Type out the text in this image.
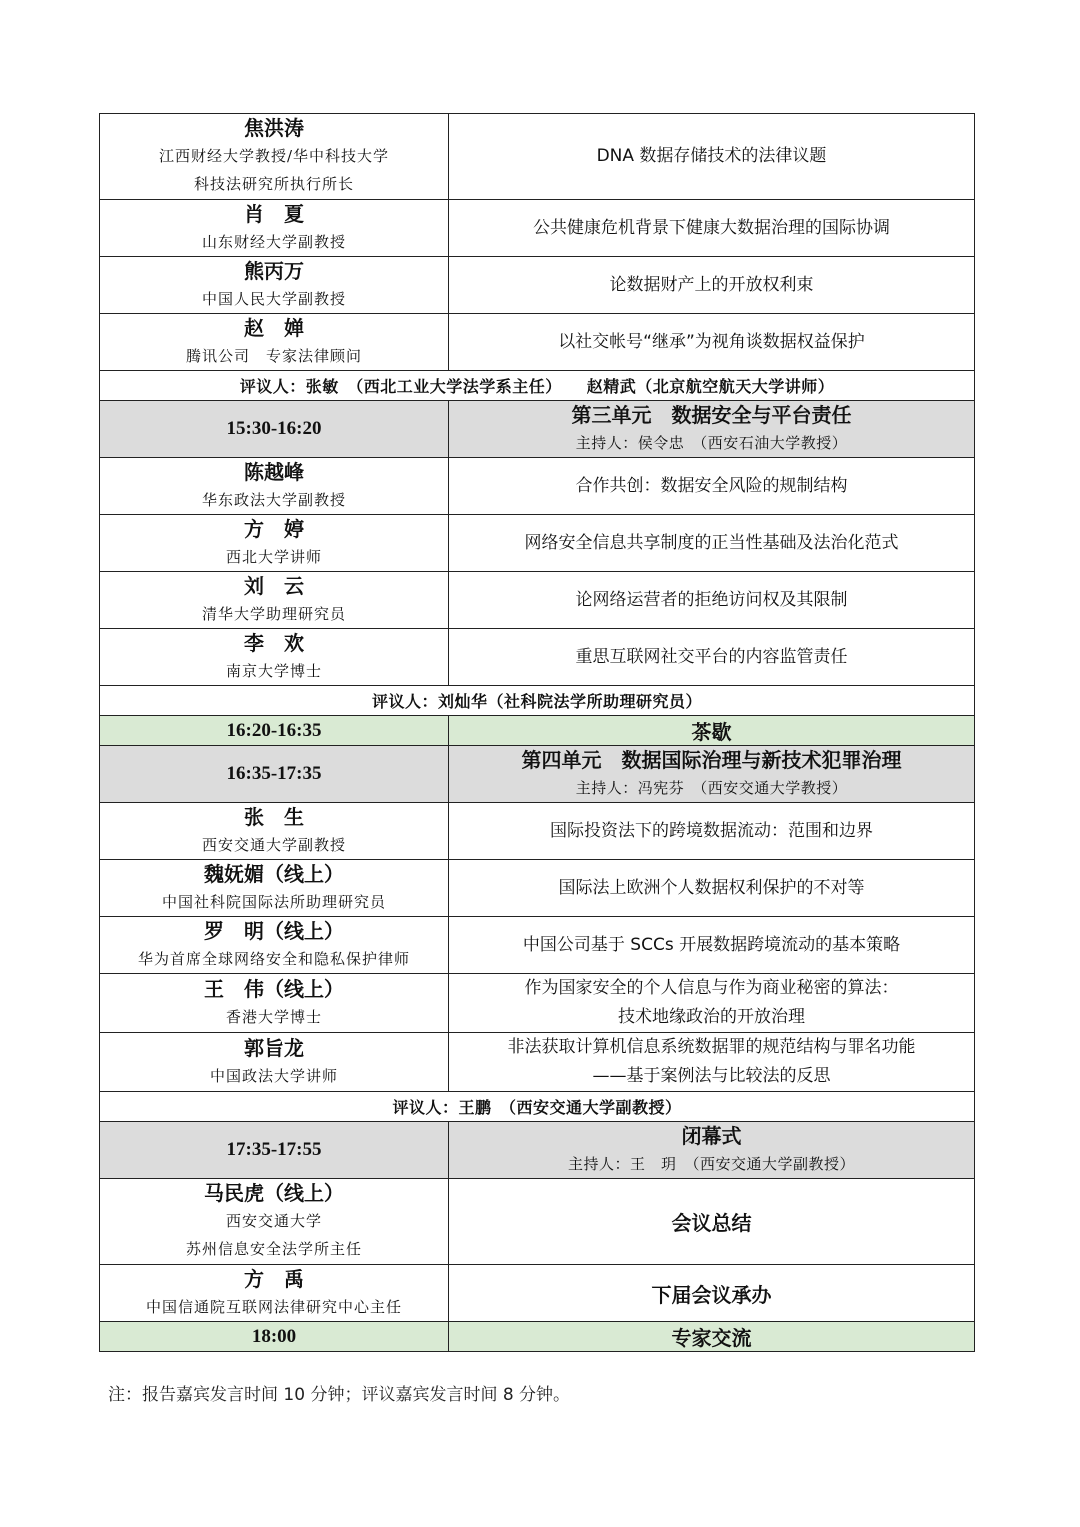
焦洪涛
江西财经大学教授/华中科技大学
科技法研究所执行所长	DNA 数据存储技术的法律议题

肖　夏
山东财经大学副教授	公共健康危机背景下健康大数据治理的国际协调

熊丙万
中国人民大学副教授	论数据财产上的开放权利束

赵　婵
腾讯公司　专家法律顾问	以社交帐号“继承”为视角谈数据权益保护

评议人：张敏　（西北工业大学法学系主任）　　赵精武（北京航空航天大学讲师）	

15:30-16:20	第三单元　数据安全与平台责任
主持人：侯令忠　（西安石油大学教授）

陈越峰
华东政法大学副教授	合作共创：数据安全风险的规制结构

方　婷
西北大学讲师	网络安全信息共享制度的正当性基础及法治化范式

刘　云
清华大学助理研究员	论网络运营者的拒绝访问权及其限制

李　欢
南京大学博士	重思互联网社交平台的内容监管责任

评议人：刘灿华（社科院法学所助理研究员）	

16:20-16:35	茶歇
16:35-17:35	第四单元　数据国际治理与新技术犯罪治理
主持人：冯宪芬　（西安交通大学教授）

张　生
西安交通大学副教授	国际投资法下的跨境数据流动：范围和边界

魏妩媚（线上）
中国社科院国际法所助理研究员	国际法上欧洲个人数据权利保护的不对等

罗　明（线上）
华为首席全球网络安全和隐私保护律师	中国公司基于 SCCs 开展数据跨境流动的基本策略

王　伟（线上）
香港大学博士	作为国家安全的个人信息与作为商业秘密的算法：
技术地缘政治的开放治理

郭旨龙
中国政法大学讲师	非法获取计算机信息系统数据罪的规范结构与罪名功能
——基于案例法与比较法的反思

评议人：王鹏　（西安交通大学副教授）	

17:35-17:55	闭幕式
主持人：王　玥　（西安交通大学副教授）

马民虎（线上）
西安交通大学
苏州信息安全法学所主任	会议总结

方　禹
中国信通院互联网法律研究中心主任	下届会议承办

18:00	专家交流
注：报告嘉宾发言时间 10 分钟；评议嘉宾发言时间 8 分钟。
